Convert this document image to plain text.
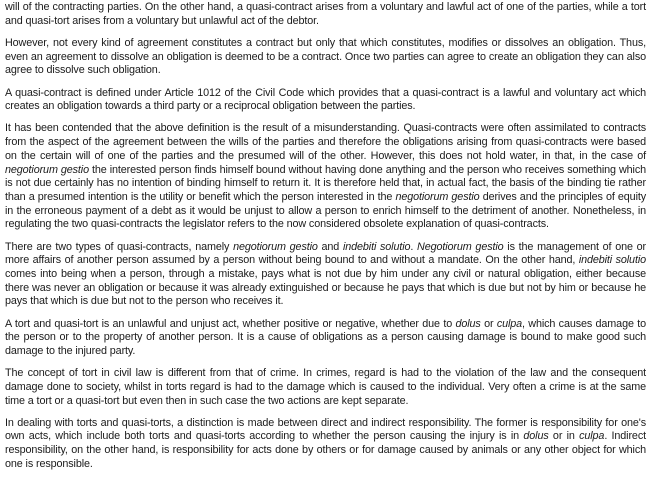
will of the contracting parties. On the other hand, a quasi-contract arises from a voluntary and lawful act of one of the parties, while a tort and quasi-tort arises from a voluntary but unlawful act of the debtor.

However, not every kind of agreement constitutes a contract but only that which constitutes, modifies or dissolves an obligation. Thus, even an agreement to dissolve an obligation is deemed to be a contract. Once two parties can agree to create an obligation they can also agree to dissolve such obligation.

A quasi-contract is defined under Article 1012 of the Civil Code which provides that a quasi-contract is a lawful and voluntary act which creates an obligation towards a third party or a reciprocal obligation between the parties.

It has been contended that the above definition is the result of a misunderstanding. Quasi-contracts were often assimilated to contracts from the aspect of the agreement between the wills of the parties and therefore the obligations arising from quasi-contracts were based on the certain will of one of the parties and the presumed will of the other. However, this does not hold water, in that, in the case of negotiorum gestio the interested person finds himself bound without having done anything and the person who receives something which is not due certainly has no intention of binding himself to return it. It is therefore held that, in actual fact, the basis of the binding tie rather than a presumed intention is the utility or benefit which the person interested in the negotiorum gestio derives and the principles of equity in the erroneous payment of a debt as it would be unjust to allow a person to enrich himself to the detriment of another. Nonetheless, in regulating the two quasi-contracts the legislator refers to the now considered obsolete explanation of quasi-contracts.

There are two types of quasi-contracts, namely negotiorum gestio and indebiti solutio. Negotiorum gestio is the management of one or more affairs of another person assumed by a person without being bound to and without a mandate. On the other hand, indebiti solutio comes into being when a person, through a mistake, pays what is not due by him under any civil or natural obligation, either because there was never an obligation or because it was already extinguished or because he pays that which is due but not by him or because he pays that which is due but not to the person who receives it.

A tort and quasi-tort is an unlawful and unjust act, whether positive or negative, whether due to dolus or culpa, which causes damage to the person or to the property of another person. It is a cause of obligations as a person causing damage is bound to make good such damage to the injured party.

The concept of tort in civil law is different from that of crime. In crimes, regard is had to the violation of the law and the consequent damage done to society, whilst in torts regard is had to the damage which is caused to the individual. Very often a crime is at the same time a tort or a quasi-tort but even then in such case the two actions are kept separate.

In dealing with torts and quasi-torts, a distinction is made between direct and indirect responsibility. The former is responsibility for one's own acts, which include both torts and quasi-torts according to whether the person causing the injury is in dolus or in culpa. Indirect responsibility, on the other hand, is responsibility for acts done by others or for damage caused by animals or any other object for which one is responsible.
